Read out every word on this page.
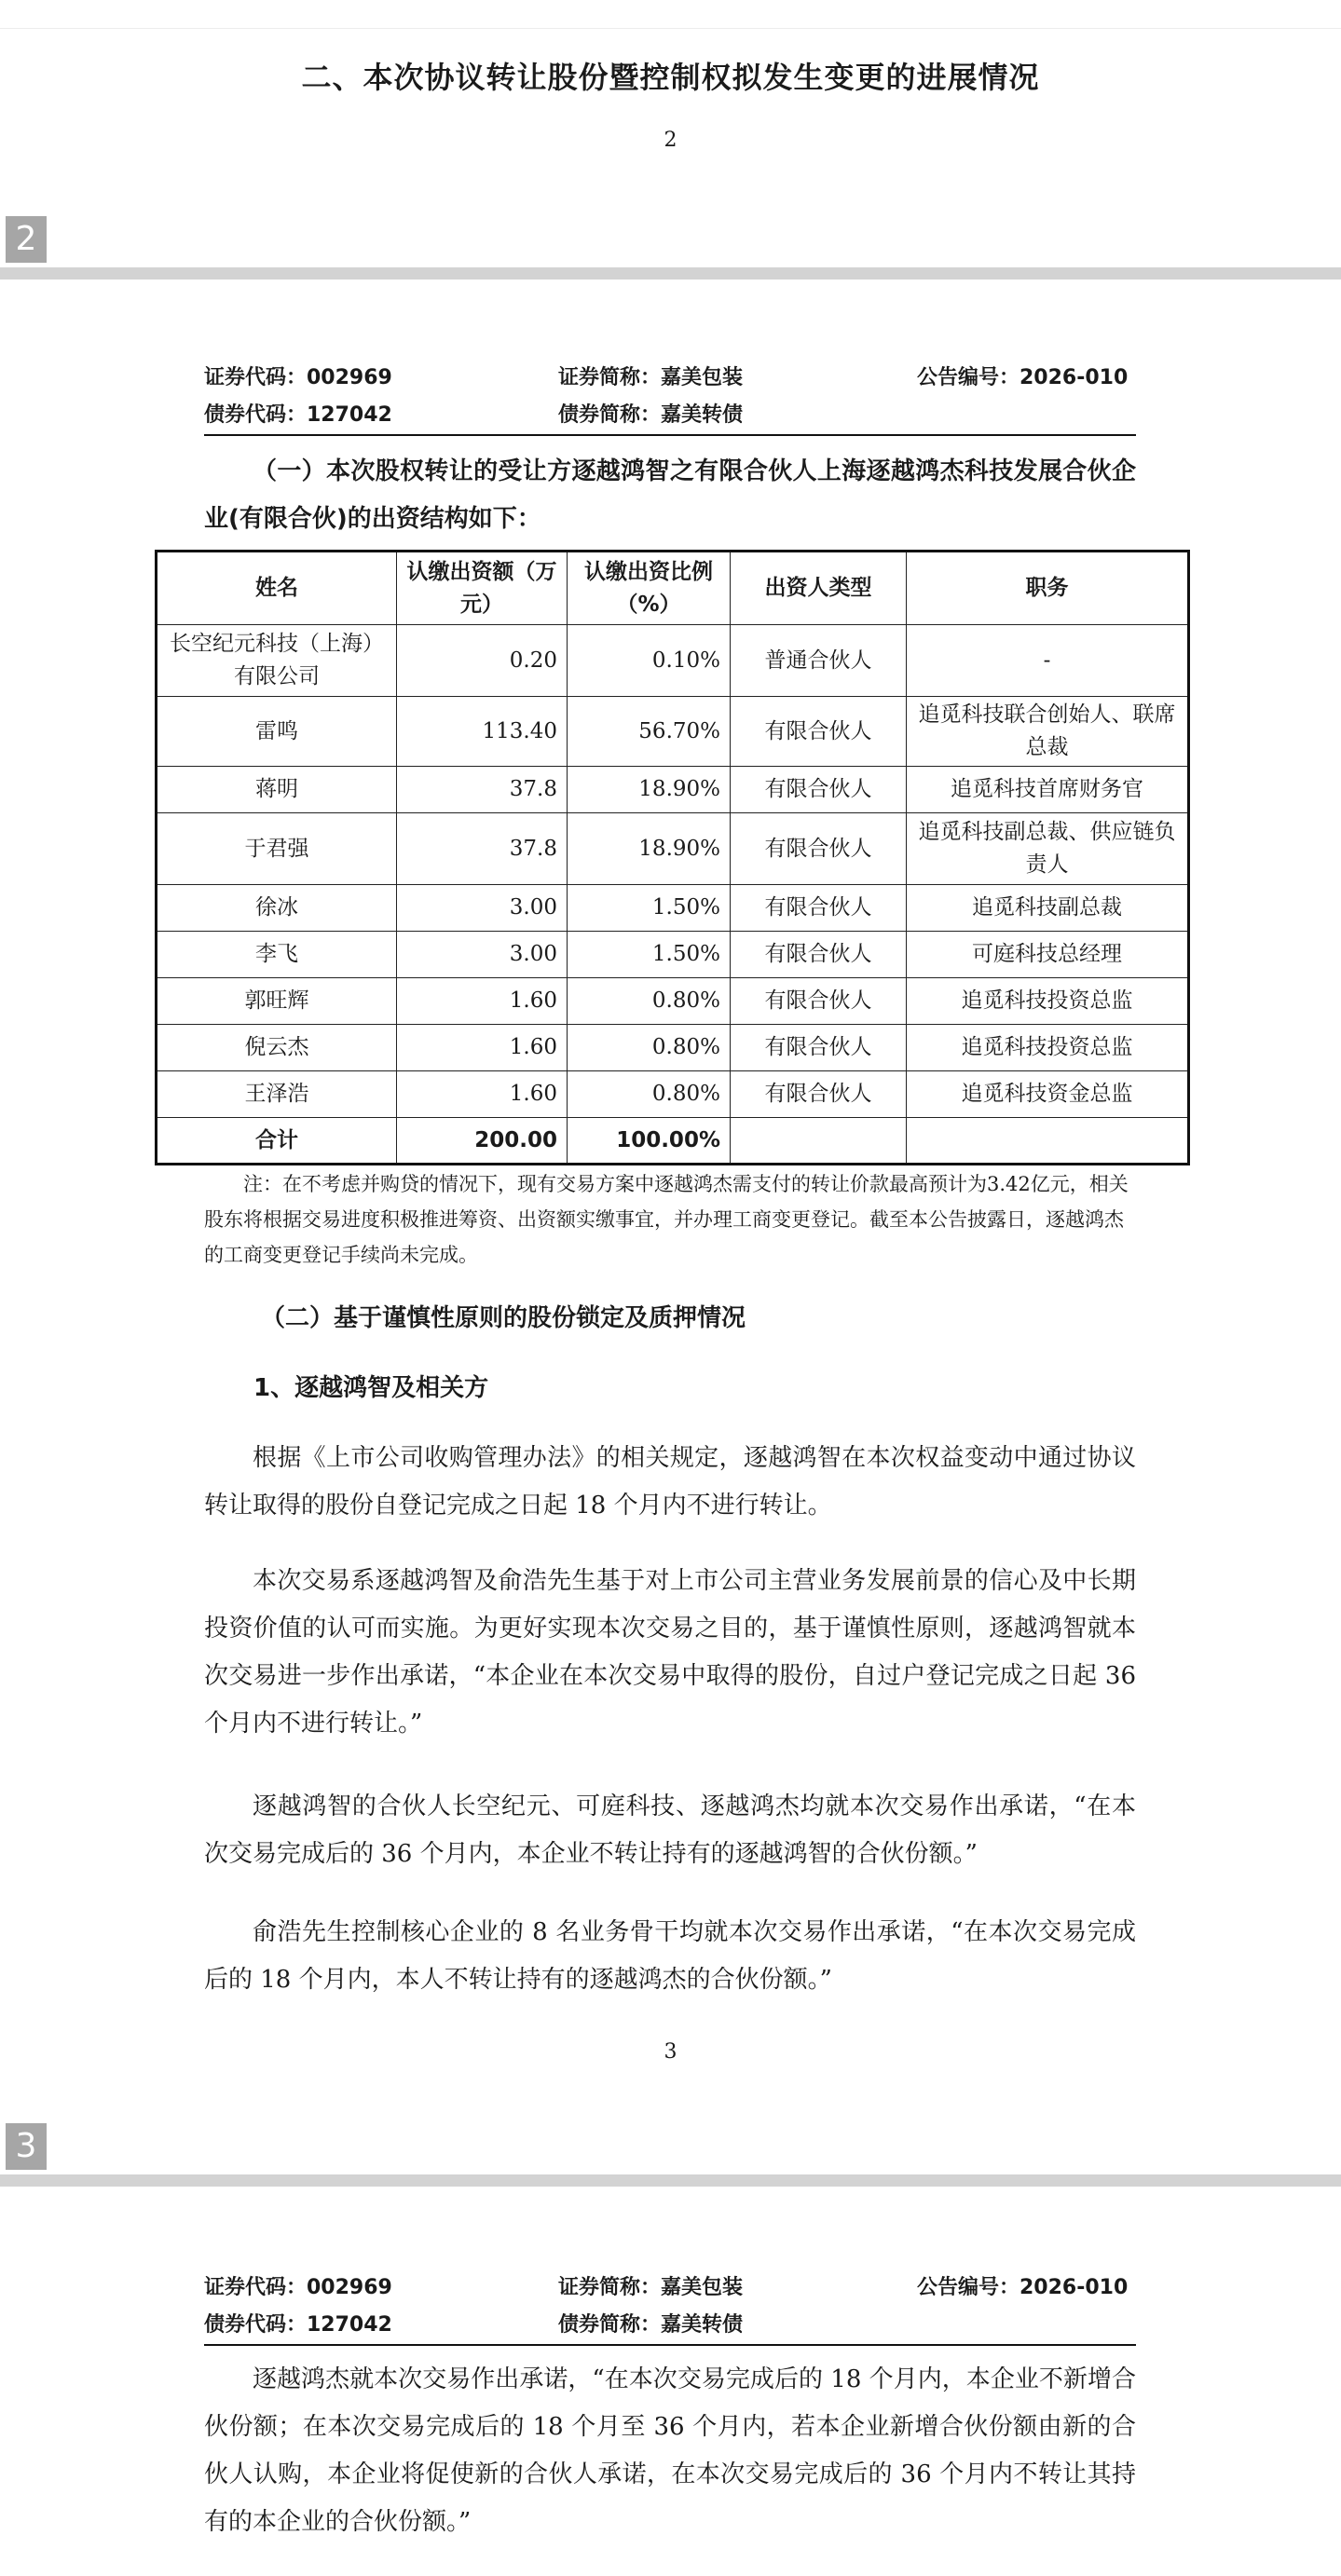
二、本次协议转让股份暨控制权拟发生变更的进展情况
2
2
证券代码：002969	证券简称：嘉美包装	公告编号：2026-010
债券代码：127042	债券简称：嘉美转债
（一）本次股权转让的受让方逐越鸿智之有限合伙人上海逐越鸿杰科技发展合伙企业(有限合伙)的出资结构如下：
姓名	认缴出资额（万元）	认缴出资比例（%）	出资人类型	职务
长空纪元科技（上海）有限公司	0.20	0.10%	普通合伙人	-
雷鸣	113.40	56.70%	有限合伙人	追觅科技联合创始人、联席总裁
蒋明	37.8	18.90%	有限合伙人	追觅科技首席财务官
于君强	37.8	18.90%	有限合伙人	追觅科技副总裁、供应链负责人
徐冰	3.00	1.50%	有限合伙人	追觅科技副总裁
李飞	3.00	1.50%	有限合伙人	可庭科技总经理
郭旺辉	1.60	0.80%	有限合伙人	追觅科技投资总监
倪云杰	1.60	0.80%	有限合伙人	追觅科技投资总监
王泽浩	1.60	0.80%	有限合伙人	追觅科技资金总监
合计	200.00	100.00%		
注：在不考虑并购贷的情况下，现有交易方案中逐越鸿杰需支付的转让价款最高预计为3.42亿元，相关股东将根据交易进度积极推进筹资、出资额实缴事宜，并办理工商变更登记。截至本公告披露日，逐越鸿杰的工商变更登记手续尚未完成。
（二）基于谨慎性原则的股份锁定及质押情况
1、逐越鸿智及相关方
根据《上市公司收购管理办法》的相关规定，逐越鸿智在本次权益变动中通过协议转让取得的股份自登记完成之日起 18 个月内不进行转让。
本次交易系逐越鸿智及俞浩先生基于对上市公司主营业务发展前景的信心及中长期投资价值的认可而实施。为更好实现本次交易之目的，基于谨慎性原则，逐越鸿智就本次交易进一步作出承诺，“本企业在本次交易中取得的股份，自过户登记完成之日起 36 个月内不进行转让。”
逐越鸿智的合伙人长空纪元、可庭科技、逐越鸿杰均就本次交易作出承诺，“在本次交易完成后的 36 个月内，本企业不转让持有的逐越鸿智的合伙份额。”
俞浩先生控制核心企业的 8 名业务骨干均就本次交易作出承诺，“在本次交易完成后的 18 个月内，本人不转让持有的逐越鸿杰的合伙份额。”
3
3
证券代码：002969	证券简称：嘉美包装	公告编号：2026-010
债券代码：127042	债券简称：嘉美转债
逐越鸿杰就本次交易作出承诺，“在本次交易完成后的 18 个月内，本企业不新增合伙份额；在本次交易完成后的 18 个月至 36 个月内，若本企业新增合伙份额由新的合伙人认购，本企业将促使新的合伙人承诺，在本次交易完成后的 36 个月内不转让其持有的本企业的合伙份额。”
